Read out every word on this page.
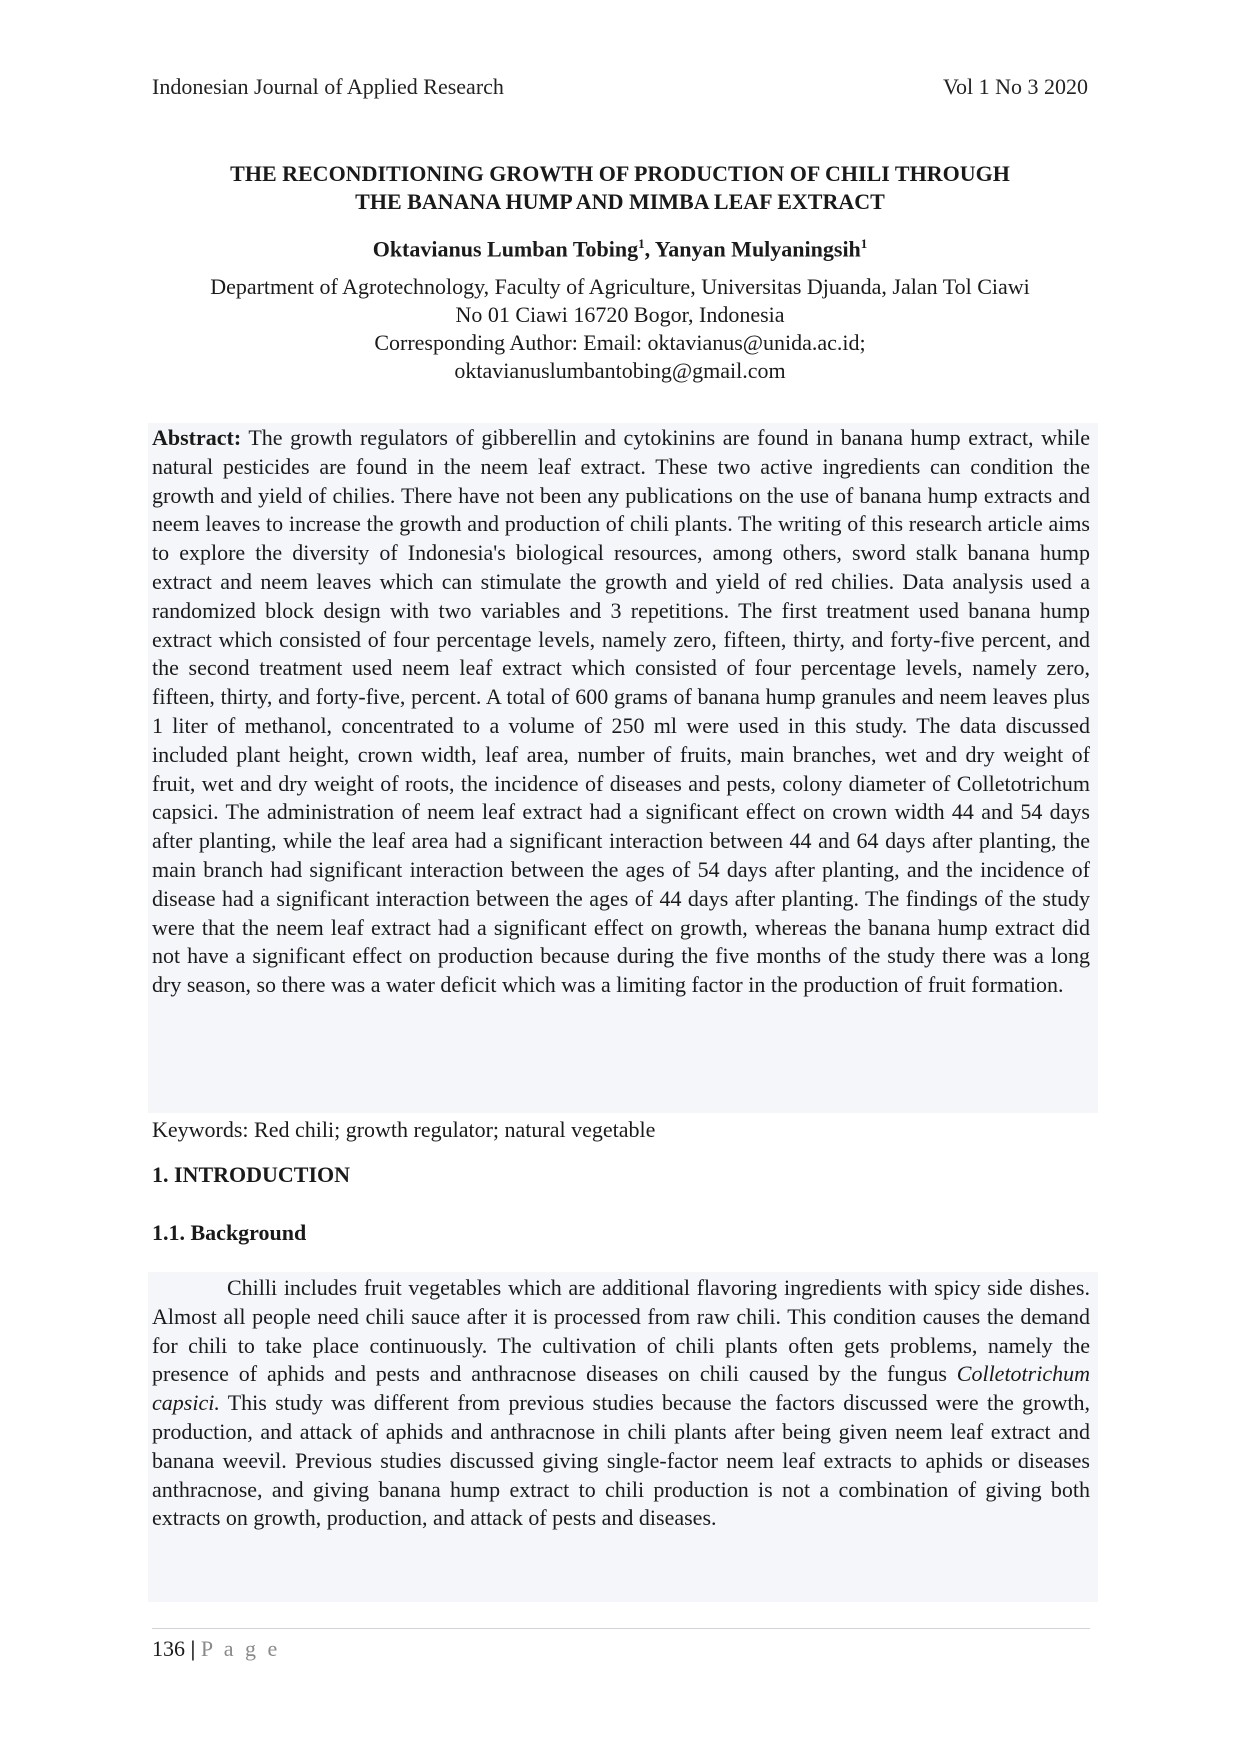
Indonesian Journal of Applied Research	Vol 1 No 3 2020

THE RECONDITIONING GROWTH OF PRODUCTION OF CHILI THROUGH
THE BANANA HUMP AND MIMBA LEAF EXTRACT

Oktavianus Lumban Tobing$^1$, Yanyan Mulyaningsih$^1$
Department of Agrotechnology, Faculty of Agriculture, Universitas Djuanda, Jalan Tol Ciawi
No 01 Ciawi 16720 Bogor, Indonesia
Corresponding Author: Email: oktavianus@unida.ac.id;
oktavianuslumbantobing@gmail.com

Abstract: The growth regulators of gibberellin and cytokinins are found in banana hump extract, while natural pesticides are found in the neem leaf extract. These two active ingredients can condition the growth and yield of chilies. There have not been any publications on the use of banana hump extracts and neem leaves to increase the growth and production of chili plants. The writing of this research article aims to explore the diversity of Indonesia's biological resources, among others, sword stalk banana hump extract and neem leaves which can stimulate the growth and yield of red chilies. Data analysis used a randomized block design with two variables and 3 repetitions. The first treatment used banana hump extract which consisted of four percentage levels, namely zero, fifteen, thirty, and forty-five percent, and the second treatment used neem leaf extract which consisted of four percentage levels, namely zero, fifteen, thirty, and forty-five, percent. A total of 600 grams of banana hump granules and neem leaves plus 1 liter of methanol, concentrated to a volume of 250 ml were used in this study. The data discussed included plant height, crown width, leaf area, number of fruits, main branches, wet and dry weight of fruit, wet and dry weight of roots, the incidence of diseases and pests, colony diameter of Colletotrichum capsici. The administration of neem leaf extract had a significant effect on crown width 44 and 54 days after planting, while the leaf area had a significant interaction between 44 and 64 days after planting, the main branch had significant interaction between the ages of 54 days after planting, and the incidence of disease had a significant interaction between the ages of 44 days after planting. The findings of the study were that the neem leaf extract had a significant effect on growth, whereas the banana hump extract did not have a significant effect on production because during the five months of the study there was a long dry season, so there was a water deficit which was a limiting factor in the production of fruit formation.

Keywords: Red chili; growth regulator; natural vegetable
1. INTRODUCTION
1.1. Background

Chilli includes fruit vegetables which are additional flavoring ingredients with spicy side dishes. Almost all people need chili sauce after it is processed from raw chili. This condition causes the demand for chili to take place continuously. The cultivation of chili plants often gets problems, namely the presence of aphids and pests and anthracnose diseases on chili caused by the fungus Colletotrichum capsici. This study was different from previous studies because the factors discussed were the growth, production, and attack of aphids and anthracnose in chili plants after being given neem leaf extract and banana weevil. Previous studies discussed giving single-factor neem leaf extracts to aphids or diseases anthracnose, and giving banana hump extract to chili production is not a combination of giving both extracts on growth, production, and attack of pests and diseases.

136 | P a g e
